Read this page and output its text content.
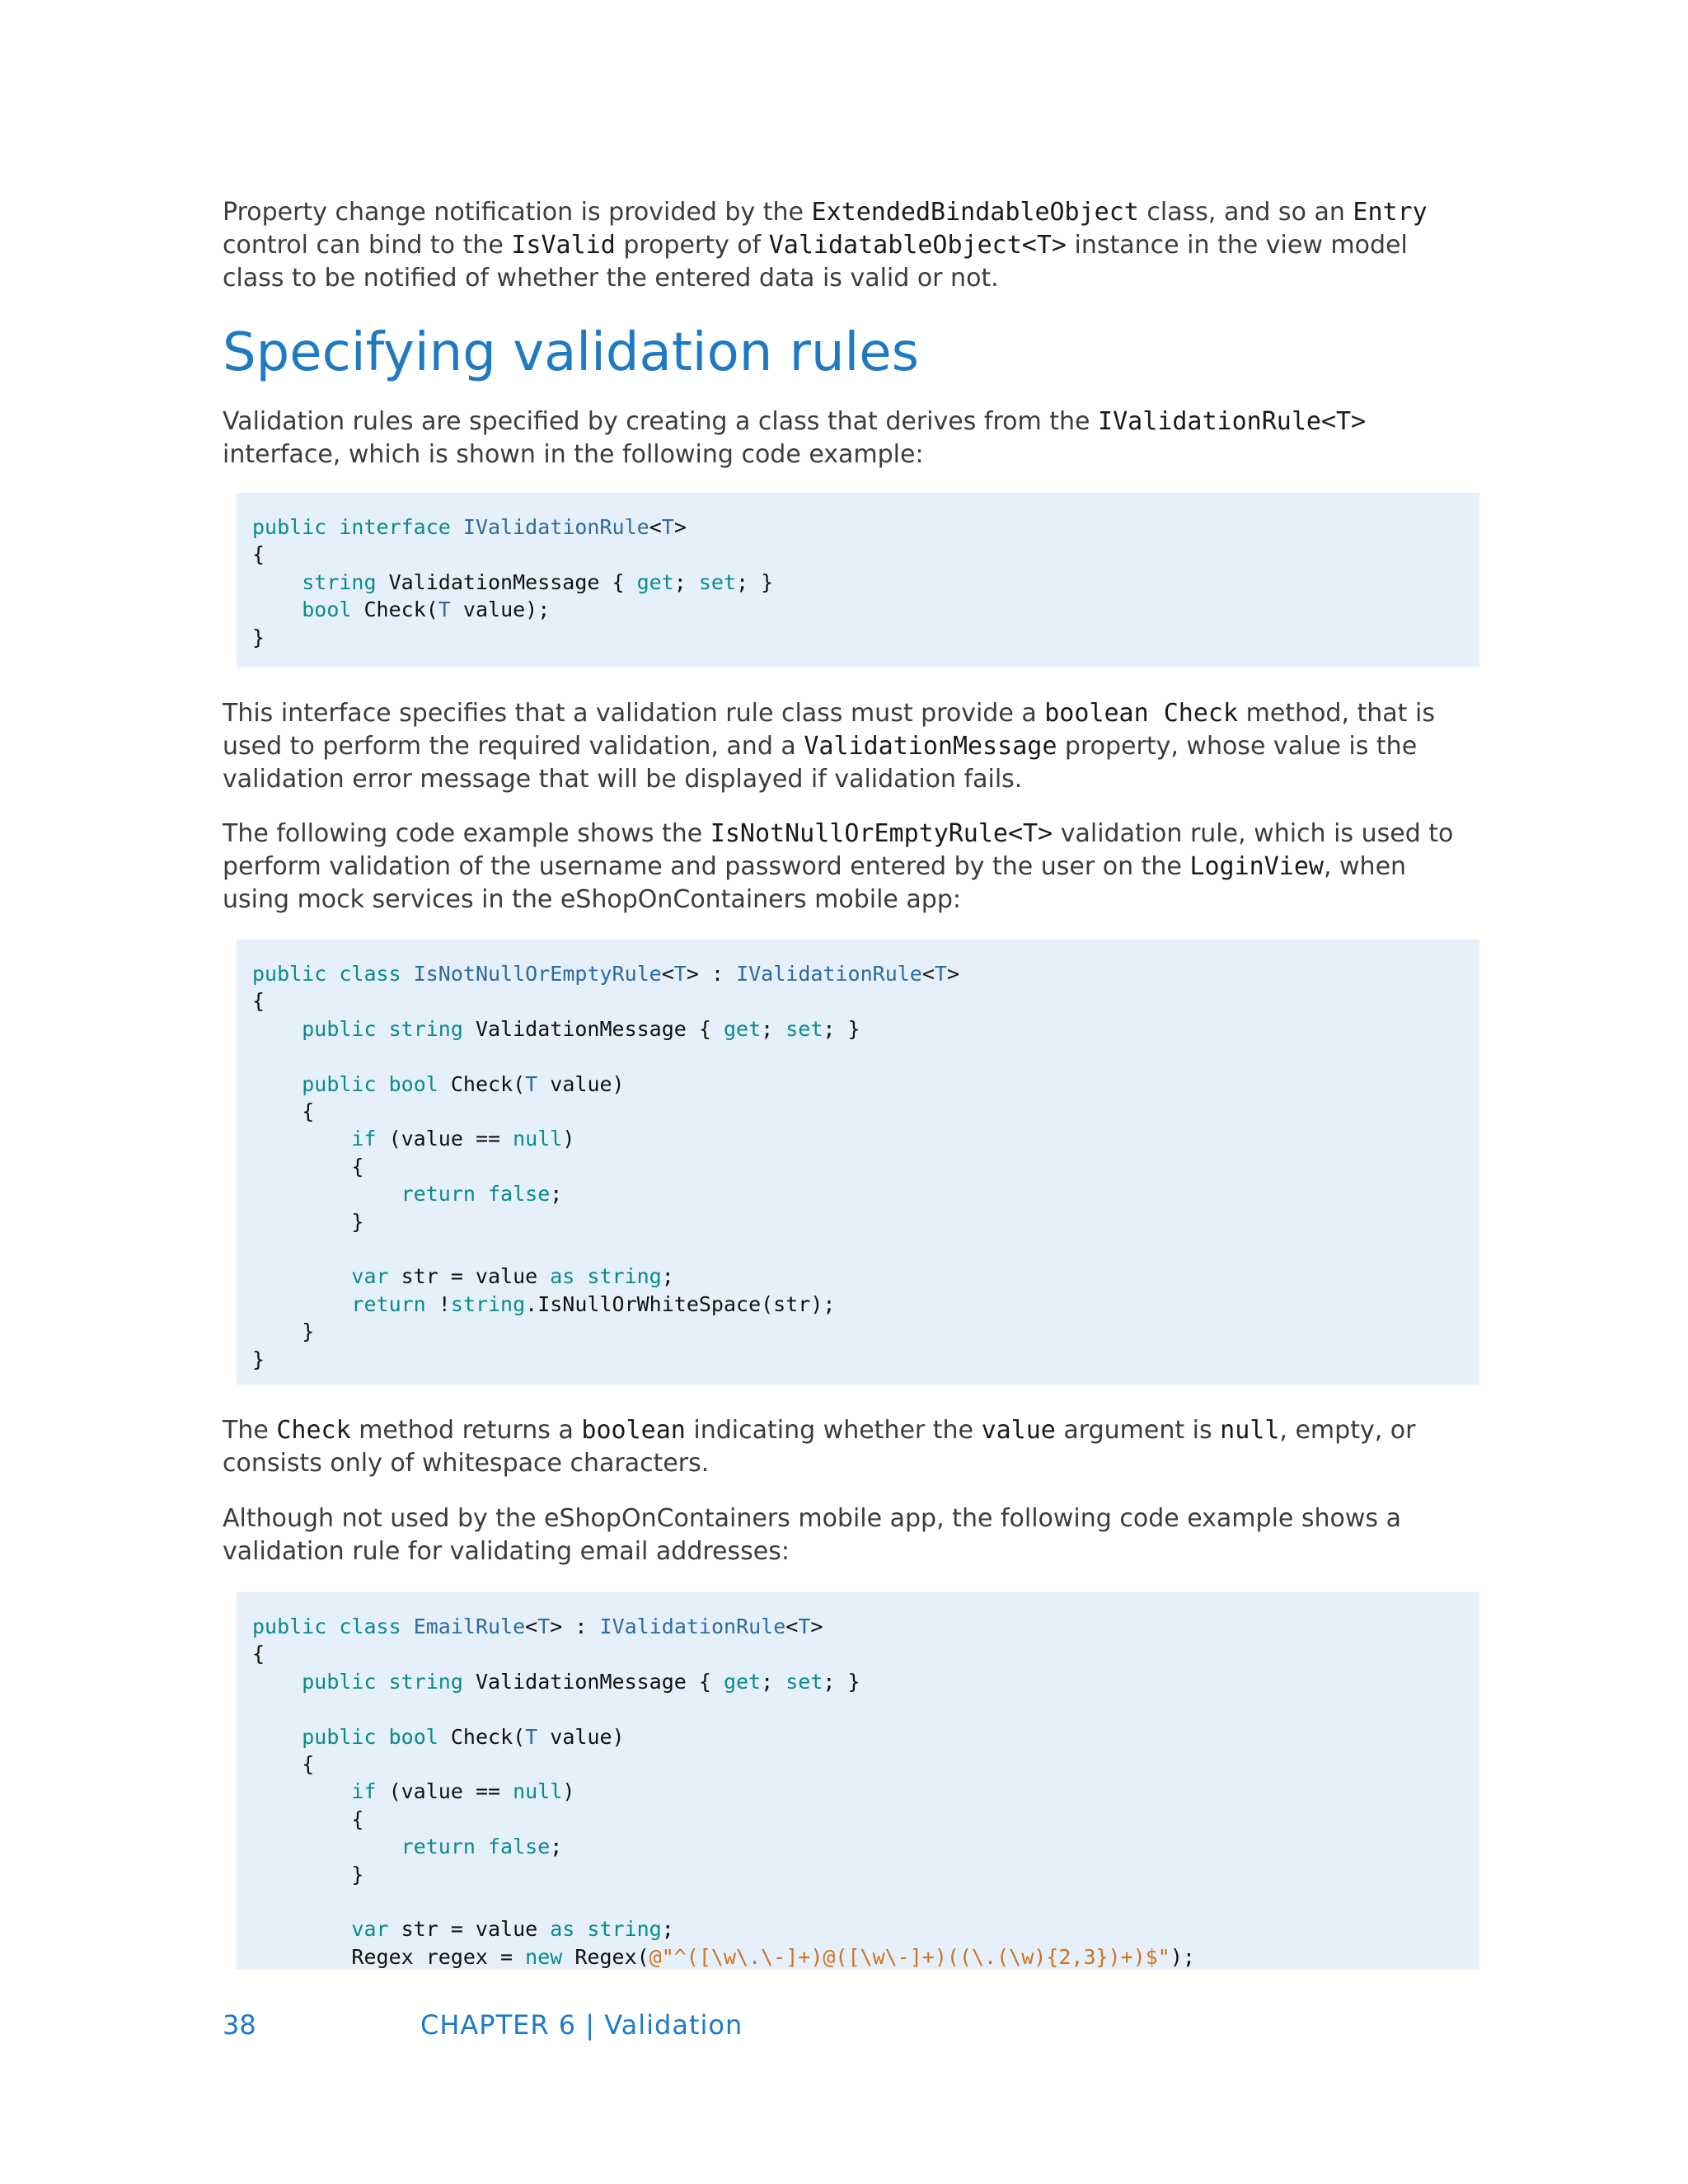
Property change notification is provided by the ExtendedBindableObject class, and so an Entry control can bind to the IsValid property of ValidatableObject<T> instance in the view model class to be notified of whether the entered data is valid or not.

Specifying validation rules

Validation rules are specified by creating a class that derives from the IValidationRule<T> interface, which is shown in the following code example:

public interface IValidationRule<T>
{
string ValidationMessage { get; set; }
bool Check(T value);
}

This interface specifies that a validation rule class must provide a boolean Check method, that is used to perform the required validation, and a ValidationMessage property, whose value is the validation error message that will be displayed if validation fails.

The following code example shows the IsNotNullOrEmptyRule<T> validation rule, which is used to perform validation of the username and password entered by the user on the LoginView, when using mock services in the eShopOnContainers mobile app:

public class IsNotNullOrEmptyRule<T> : IValidationRule<T>
{
public string ValidationMessage { get; set; }

public bool Check(T value)
{
if (value == null)
{
return false;
}

var str = value as string;
return !string.IsNullOrWhiteSpace(str);
}
}

The Check method returns a boolean indicating whether the value argument is null, empty, or consists only of whitespace characters.

Although not used by the eShopOnContainers mobile app, the following code example shows a validation rule for validating email addresses:

public class EmailRule<T> : IValidationRule<T>
{
public string ValidationMessage { get; set; }

public bool Check(T value)
{
if (value == null)
{
return false;
}

var str = value as string;
Regex regex = new Regex(@"^([\w\.\-]+)@([\w\-]+)((\.(\w){2,3})+)$");
38	CHAPTER 6 | Validation
